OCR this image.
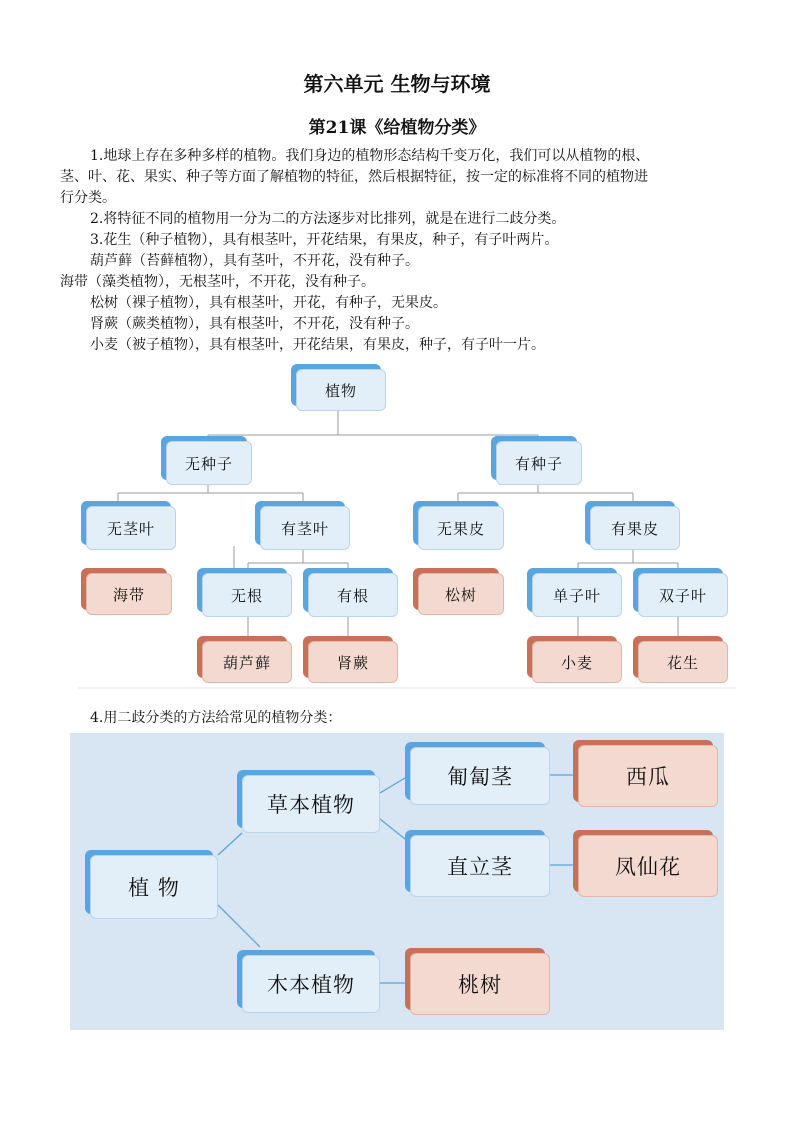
第六单元 生物与环境
第21课《给植物分类》

1.地球上存在多种多样的植物。我们身边的植物形态结构千变万化，我们可以从植物的根、

茎、叶、花、果实、种子等方面了解植物的特征，然后根据特征，按一定的标准将不同的植物进

行分类。

2.将特征不同的植物用一分为二的方法逐步对比排列，就是在进行二歧分类。

3.花生（种子植物），具有根茎叶，开花结果，有果皮，种子，有子叶两片。

葫芦藓（苔藓植物），具有茎叶，不开花，没有种子。

海带（藻类植物），无根茎叶，不开花，没有种子。

松树（裸子植物），具有根茎叶，开花，有种子，无果皮。

肾蕨（蕨类植物），具有根茎叶，不开花，没有种子。

小麦（被子植物），具有根茎叶，开花结果，有果皮，种子，有子叶一片。

植物
无种子	有种子
无茎叶	有茎叶	无果皮	有果皮
海带	无根	有根	松树	单子叶	双子叶
葫芦藓	肾蕨	小麦	花生

4.用二歧分类的方法给常见的植物分类：

植 物
草本植物
木本植物
匍匐茎
直立茎
西瓜
凤仙花
桃树
